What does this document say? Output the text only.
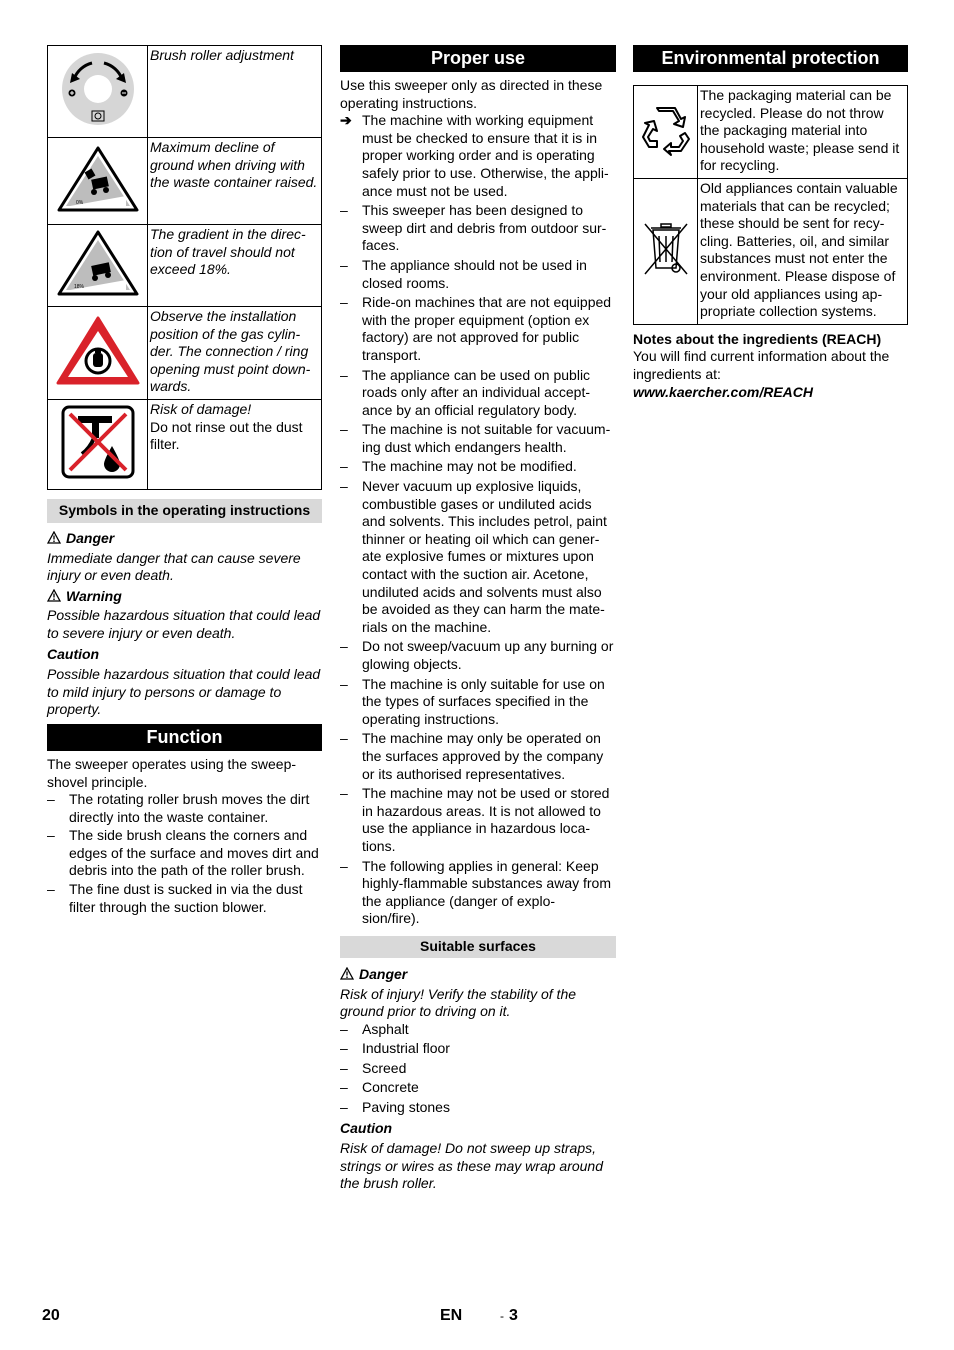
	Brush roller adjustment

0%	Maximum decline of ground when driving with the waste container raised.

18%	The gradient in the direc- tion of travel should not exceed 18%.
	Observe the installation position of the gas cylin- der. The connection / ring opening must point down- wards.

Risk of damage!
Do not rinse out the dust filter.
Symbols in the operating instructions

Danger

Immediate danger that can cause severe injury or even death.

Warning

Possible hazardous situation that could lead to severe injury or even death.

Caution

Possible hazardous situation that could lead to mild injury to persons or damage to property.

Function

The sweeper operates using the sweep- shovel principle.

– The rotating roller brush moves the dirt directly into the waste container.
– The side brush cleans the corners and edges of the surface and moves dirt and debris into the path of the roller brush.
– The fine dust is sucked in via the dust filter through the suction blower.
Proper use

Use this sweeper only as directed in these operating instructions.

➔ The machine with working equipment must be checked to ensure that it is in proper working order and is operating safely prior to use. Otherwise, the appli- ance must not be used.
– This sweeper has been designed to sweep dirt and debris from outdoor sur- faces.
– The appliance should not be used in closed rooms.
– Ride-on machines that are not equipped with the proper equipment (option ex factory) are not approved for public transport.
– The appliance can be used on public roads only after an individual accept- ance by an official regulatory body.
– The machine is not suitable for vacuum- ing dust which endangers health.
– The machine may not be modified.
– Never vacuum up explosive liquids, combustible gases or undiluted acids and solvents. This includes petrol, paint thinner or heating oil which can gener- ate explosive fumes or mixtures upon contact with the suction air. Acetone, undiluted acids and solvents must also be avoided as they can harm the mate- rials on the machine.
– Do not sweep/vacuum up any burning or glowing objects.
– The machine is only suitable for use on the types of surfaces specified in the operating instructions.
– The machine may only be operated on the surfaces approved by the company or its authorised representatives.
– The machine may not be used or stored in hazardous areas. It is not allowed to use the appliance in hazardous loca- tions.
– The following applies in general: Keep highly-flammable substances away from the appliance (danger of explo- sion/fire).
Suitable surfaces

Danger

Risk of injury! Verify the stability of the ground prior to driving on it.

– Asphalt
– Industrial floor
– Screed
– Concrete
– Paving stones

Caution

Risk of damage! Do not sweep up straps, strings or wires as these may wrap around the brush roller.

Environmental protection
	The packaging material can be recycled. Please do not throw the packaging material into household waste; please send it for recycling.
	Old appliances contain valuable materials that can be recycled; these should be sent for recy- cling. Batteries, oil, and similar substances must not enter the environment. Please dispose of your old appliances using ap- propriate collection systems.

Notes about the ingredients (REACH)

You will find current information about the ingredients at:

www.kaercher.com/REACH

20	EN	- 3
